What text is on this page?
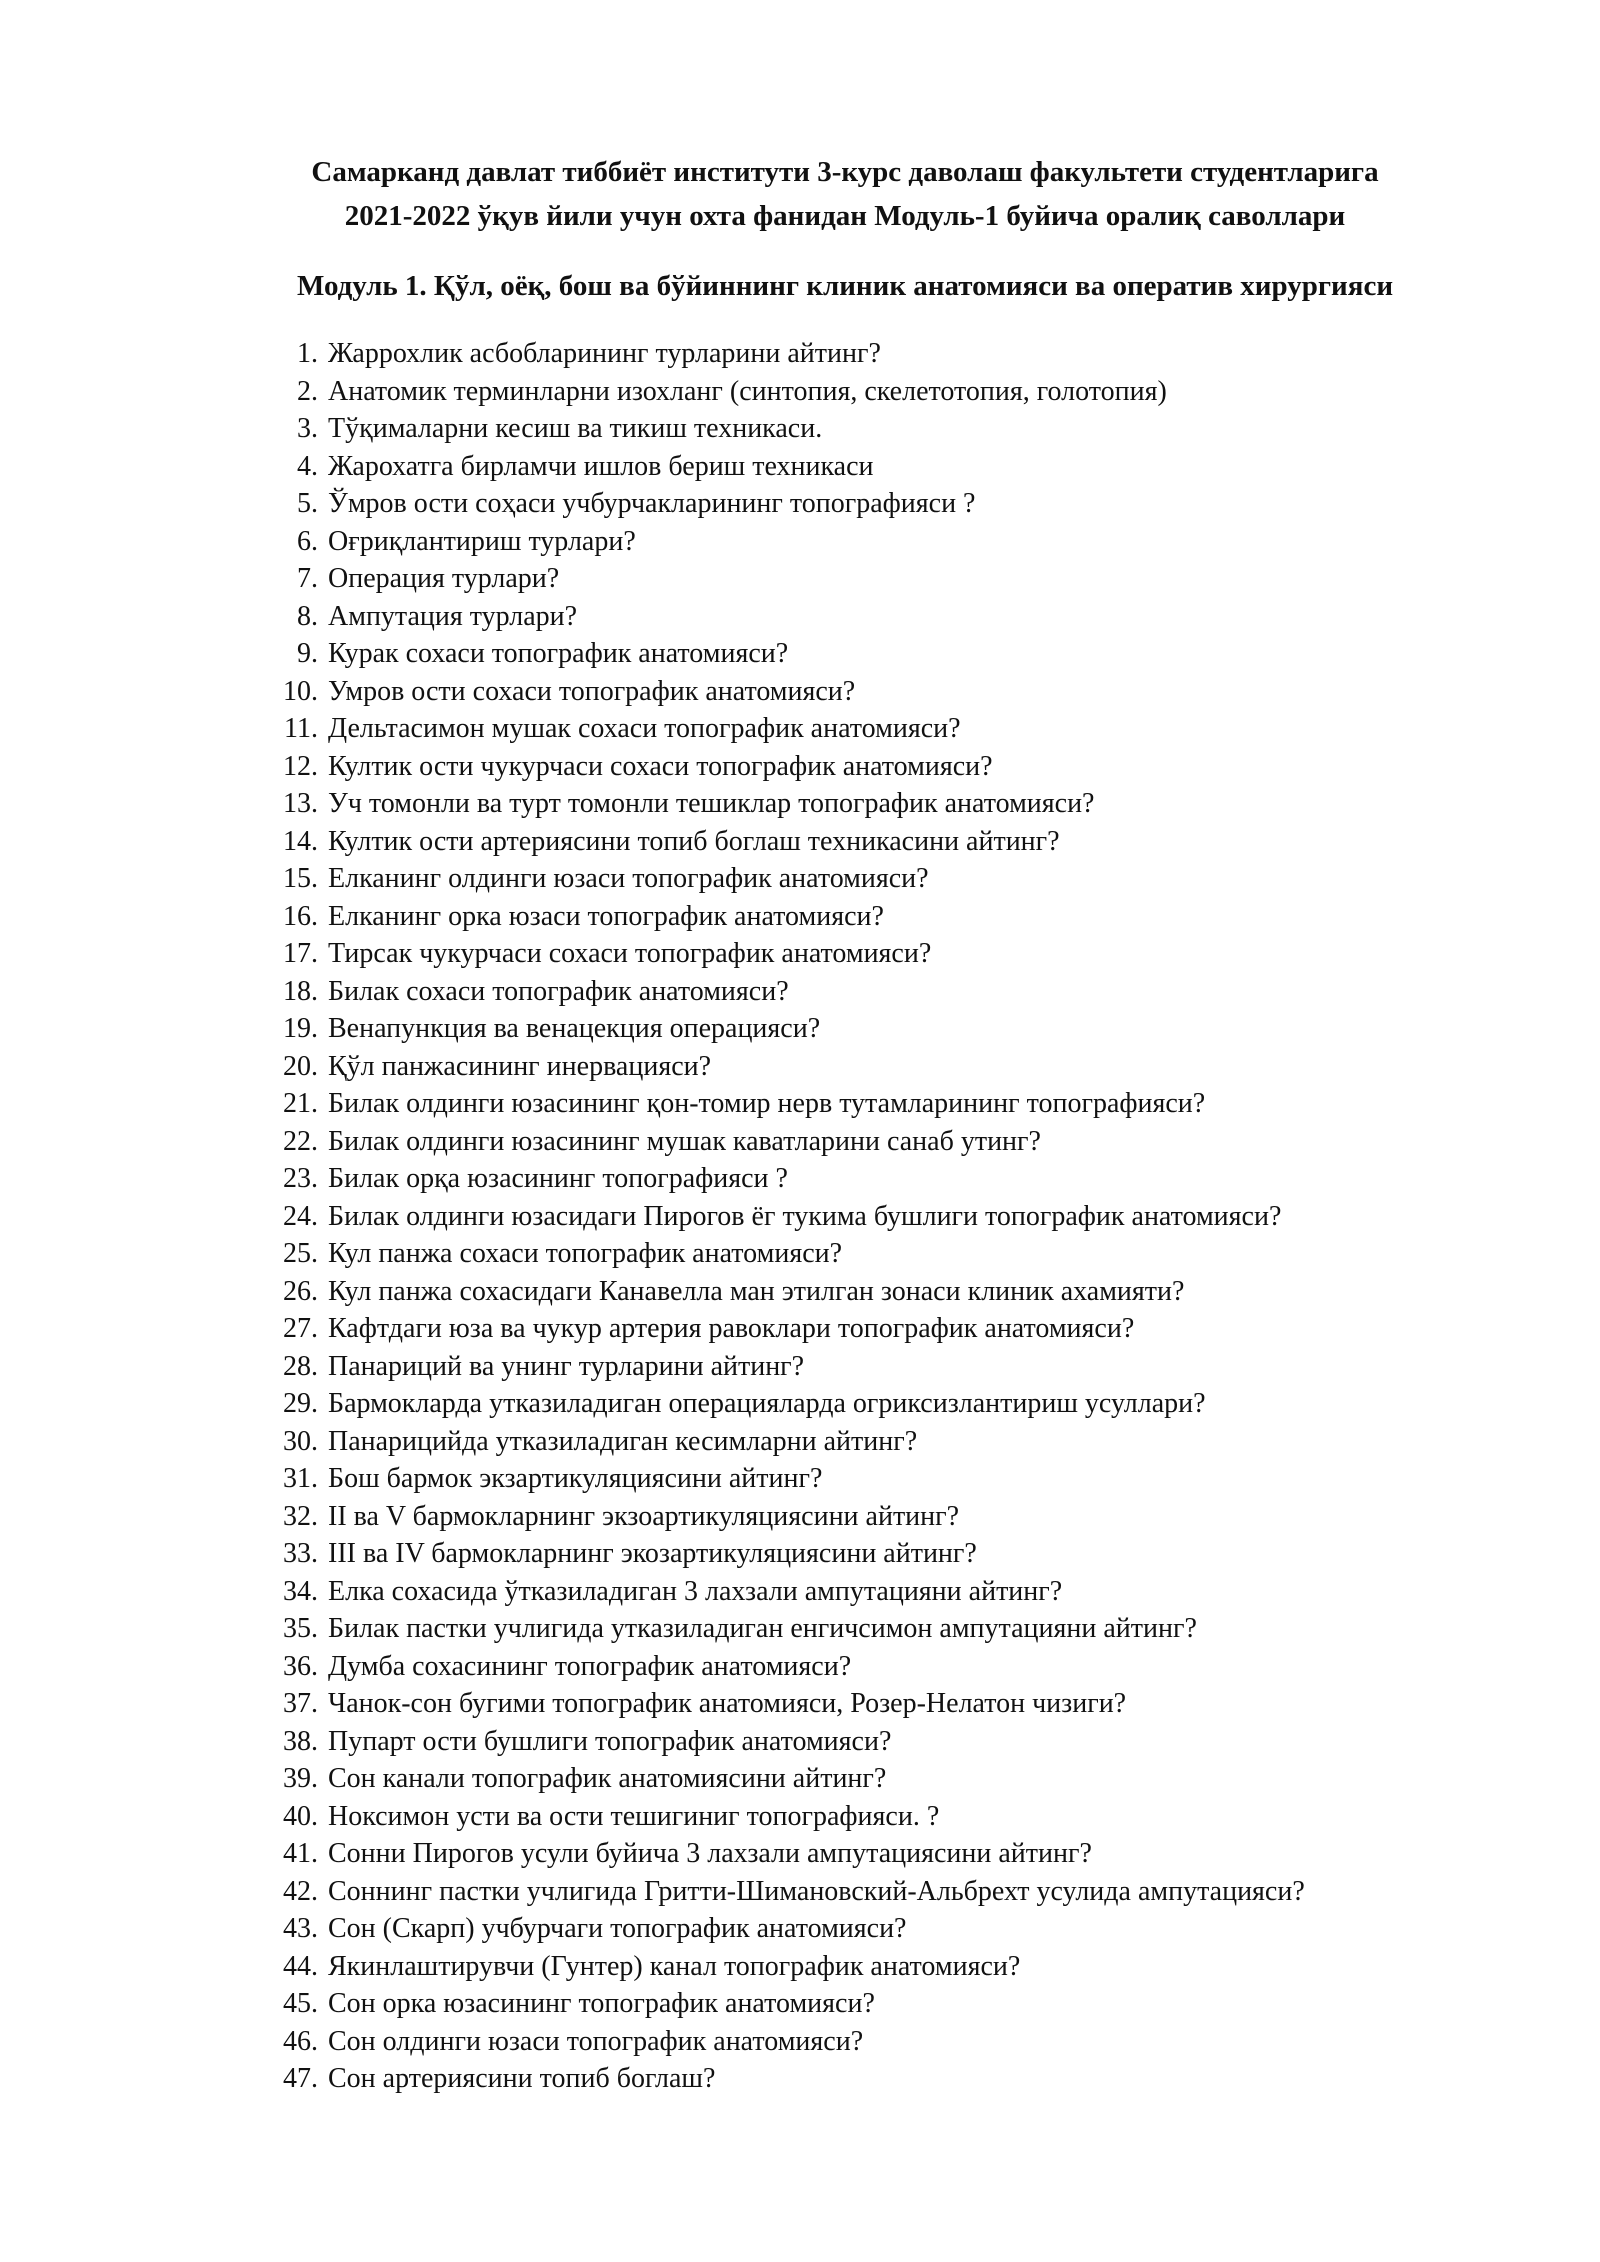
Самарканд давлат тиббиёт институти 3-курс даволаш факультети студентларига
2021-2022 ўқув йили учун охта фанидан Модуль-1 буйича оралиқ саволлари
Модуль 1. Қўл, оёқ, бош ва бўйиннинг клиник анатомияси ва оператив хирургияси
1. Жаррохлик асбобларининг турларини айтинг?
2. Анатомик терминларни изохланг (синтопия, скелетотопия, голотопия)
3. Тўқималарни кесиш ва тикиш техникаси.
4. Жарохатга бирламчи ишлов бериш техникаси
5. Ўмров ости соҳаси учбурчакларининг топографияси ?
6. Оғриқлантириш турлари?
7. Операция турлари?
8. Ампутация турлари?
9. Курак сохаси топографик анатомияси?
10. Умров ости сохаси топографик анатомияси?
11. Дельтасимон мушак сохаси топографик анатомияси?
12. Култик ости чукурчаси сохаси топографик анатомияси?
13. Уч томонли ва турт томонли тешиклар топографик анатомияси?
14. Култик ости артериясини топиб боглаш техникасини айтинг?
15. Елканинг олдинги юзаси топографик анатомияси?
16. Елканинг орка юзаси топографик анатомияси?
17. Тирсак чукурчаси сохаси топографик анатомияси?
18. Билак сохаси топографик анатомияси?
19. Венапункция ва венацекция операцияси?
20. Қўл панжасининг инервацияси?
21. Билак олдинги юзасининг қон-томир нерв тутамларининг топографияси?
22. Билак олдинги юзасининг мушак каватларини санаб утинг?
23. Билак орқа юзасининг топографияси ?
24. Билак олдинги юзасидаги Пирогов ёг тукима бушлиги топографик анатомияси?
25. Кул панжа сохаси топографик анатомияси?
26. Кул панжа сохасидаги Канавелла ман этилган зонаси клиник ахамияти?
27. Кафтдаги юза ва чукур артерия равоклари топографик анатомияси?
28. Панариций ва унинг турларини айтинг?
29. Бармокларда утказиладиган операцияларда огриксизлантириш усуллари?
30. Панарицийда утказиладиган кесимларни айтинг?
31. Бош бармок экзартикуляциясини айтинг?
32. II ва V бармокларнинг экзоартикуляциясини айтинг?
33. III ва IV бармокларнинг экозартикуляциясини айтинг?
34. Елка сохасида ўтказиладиган 3 лахзали ампутацияни айтинг?
35. Билак пастки учлигида утказиладиган енгичсимон ампутацияни айтинг?
36. Думба сохасининг топографик анатомияси?
37. Чанок-сон бугими топографик анатомияси, Розер-Нелатон чизиги?
38. Пупарт ости бушлиги топографик анатомияси?
39. Сон канали топографик анатомиясини айтинг?
40. Ноксимон усти ва ости тешигиниг топографияси. ?
41. Сонни Пирогов усули буйича 3 лахзали ампутациясини айтинг?
42. Соннинг пастки учлигида Гритти-Шимановский-Альбрехт усулида ампутацияси?
43. Сон (Скарп) учбурчаги топографик анатомияси?
44. Якинлаштирувчи (Гунтер) канал топографик анатомияси?
45. Сон орка юзасининг топографик анатомияси?
46. Сон олдинги юзаси топографик анатомияси?
47. Сон артериясини топиб боглаш?
